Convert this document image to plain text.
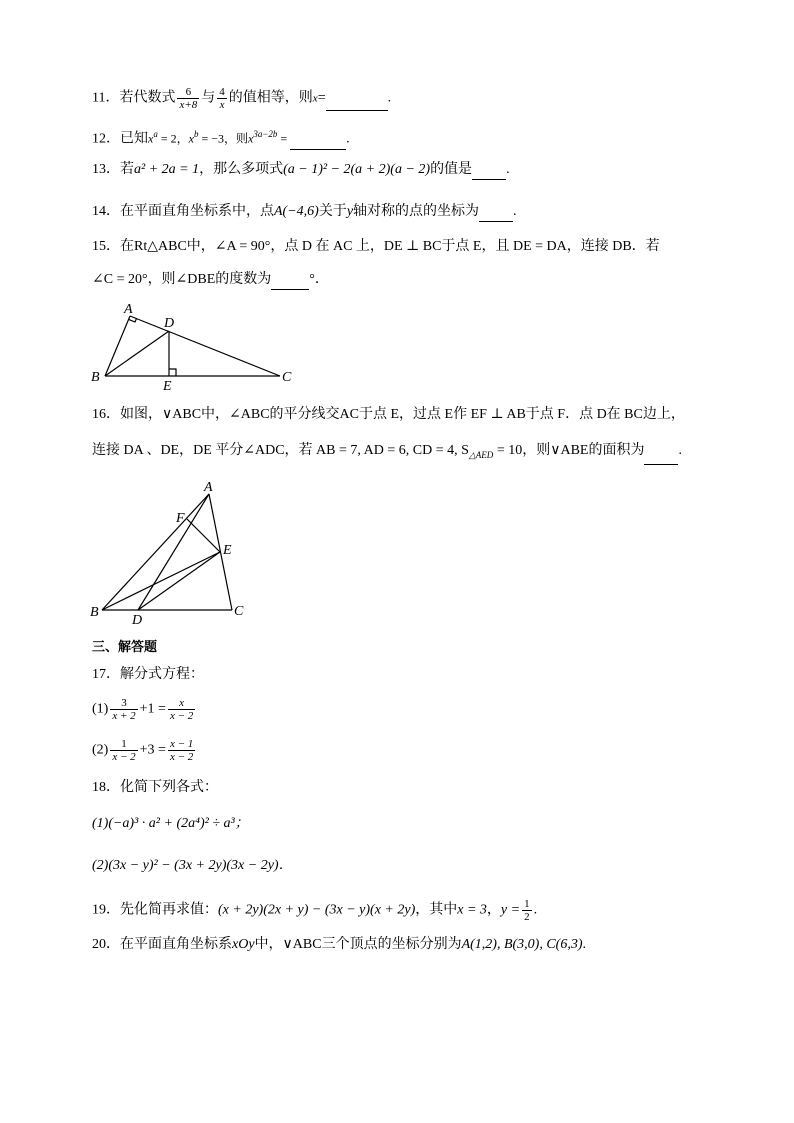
11．若代数式 $\frac{6}{x+8}$ 与 $\frac{4}{x}$ 的值相等，则x=	.
12．已知$x^a = 2$，$x^b = -3$，则$x^{3a-2b}$ =	.
13．若a² + 2a = 1，那么多项式(a − 1)² − 2(a + 2)(a − 2)的值是 .
14．在平面直角坐标系中，点A(−4,6)关于y轴对称的点的坐标为 .
15．在Rt△ABC中，∠A = 90°，点 D 在 AC 上，DE ⊥ BC于点 E，且 DE = DA，连接 DB．若
∠C = 20°，则∠DBE的度数为	°．
A
B	C
D
E
16．如图，∨ABC中，∠ABC的平分线交AC于点 E，过点 E作 EF ⊥ AB于点 F．点 D在 BC边上，
连接 DA 、DE，DE 平分∠ADC，若 AB = 7, AD = 6, CD = 4, $S_{\triangle AED} = 10$，则∨ABE的面积为 .
A
B	C
D
E
F
三、解答题
17．解分式方程：
$(1) \frac{3}{x + 2} +1 = \frac{x}{x - 2}$
$(2) \frac{1}{x - 2} +3 = \frac{x - 1}{x - 2}$
18．化简下列各式：
(1)(−a)³ · a² + (2a⁴)² ÷ a³；
(2)(3x − y)² − (3x + 2y)(3x − 2y)．
19．先化简再求值：(x + 2y)(2x + y) − (3x − y)(x + 2y)，其中x = 3，$y = \frac{1}{2}$ .
20．在平面直角坐标系xOy中，∨ABC三个顶点的坐标分别为A(1,2), B(3,0), C(6,3).
